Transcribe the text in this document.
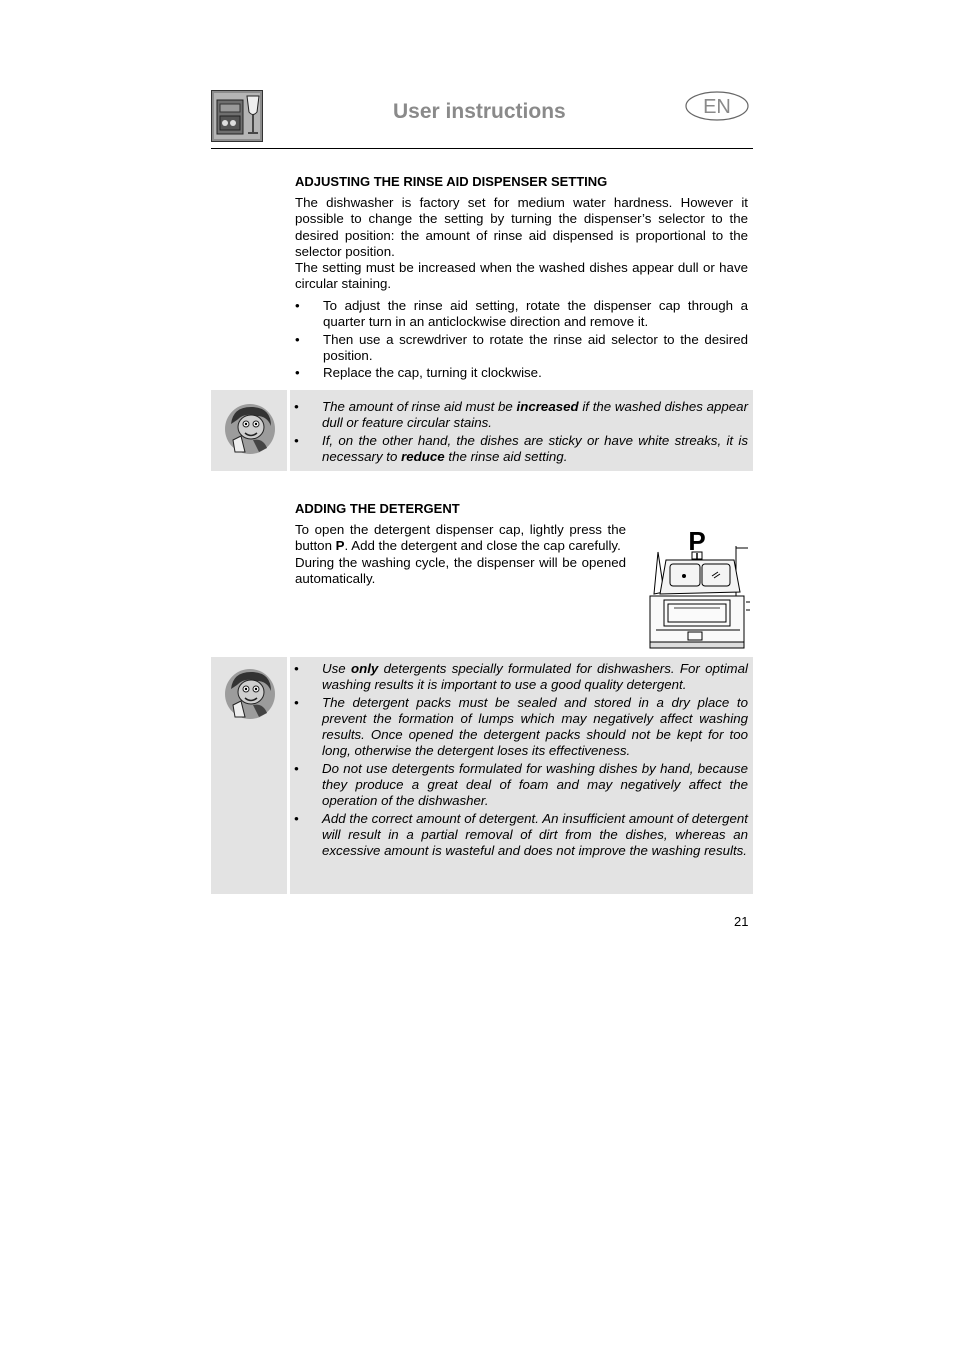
User instructions	EN
ADJUSTING THE RINSE AID DISPENSER SETTING

The dishwasher is factory set for medium water hardness. However it possible to change the setting by turning the dispenser’s selector to the desired position: the amount of rinse aid dispensed is proportional to the selector position.

The setting must be increased when the washed dishes appear dull or have circular staining.

• To adjust the rinse aid setting, rotate the dispenser cap through a quarter turn in an anticlockwise direction and remove it.
• Then use a screwdriver to rotate the rinse aid selector to the desired position.
• Replace the cap, turning it clockwise.
• The amount of rinse aid must be increased if the washed dishes appear dull or feature circular stains.
• If, on the other hand, the dishes are sticky or have white streaks, it is necessary to reduce the rinse aid setting.
ADDING THE DETERGENT

To open the detergent dispenser cap, lightly press the button P. Add the detergent and close the cap carefully.

During the washing cycle, the dispenser will be opened automatically.

P
• Use only detergents specially formulated for dishwashers. For optimal washing results it is important to use a good quality detergent.
• The detergent packs must be sealed and stored in a dry place to prevent the formation of lumps which may negatively affect washing results. Once opened the detergent packs should not be kept for too long, otherwise the detergent loses its effectiveness.
• Do not use detergents formulated for washing dishes by hand, because they produce a great deal of foam and may negatively affect the operation of the dishwasher.
• Add the correct amount of detergent. An insufficient amount of detergent will result in a partial removal of dirt from the dishes, whereas an excessive amount is wasteful and does not improve the washing results.
21
